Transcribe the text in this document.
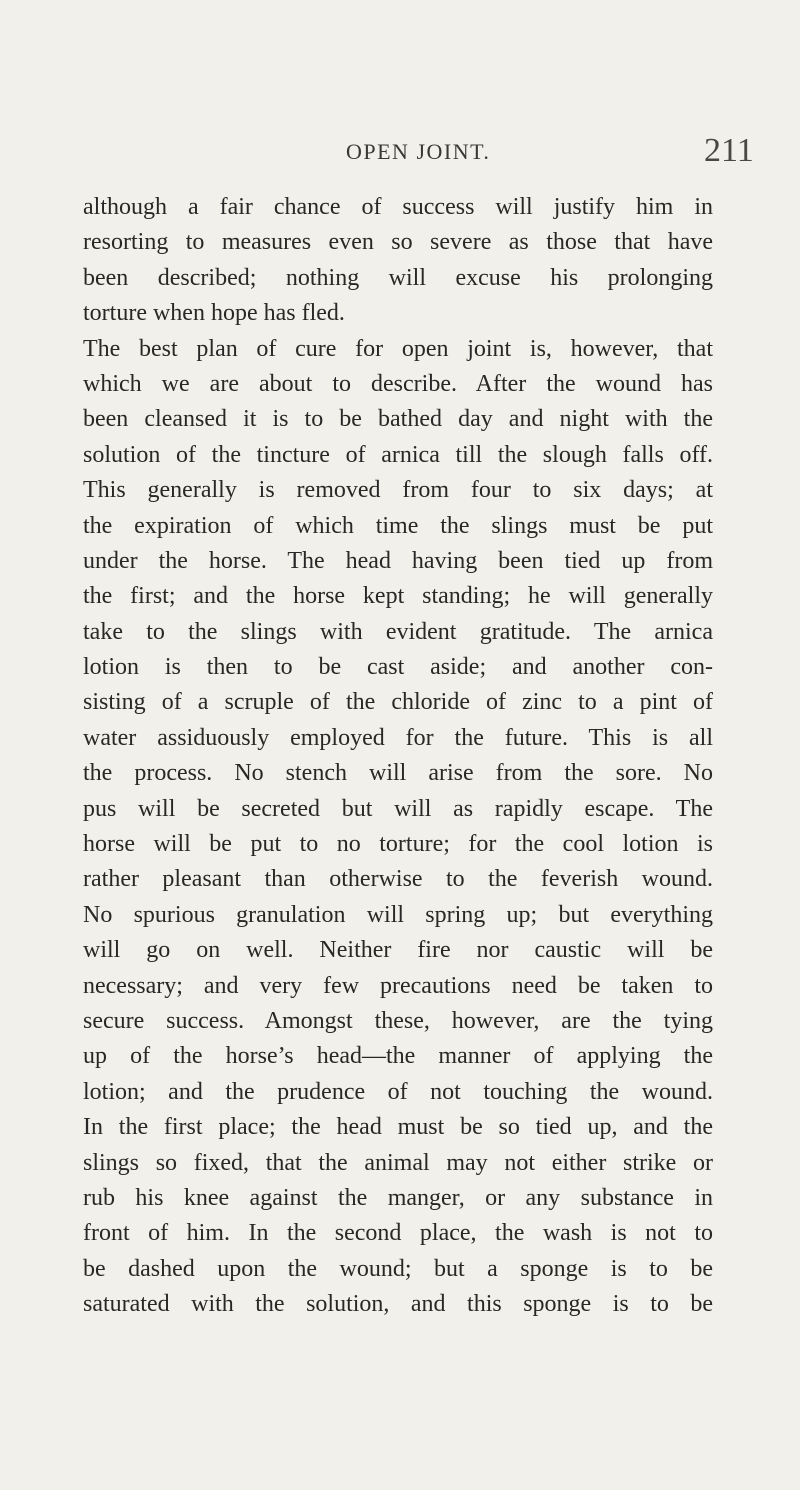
OPEN JOINT.	211
although a fair chance of success will justify him in
resorting to measures even so severe as those that have
been described; nothing will excuse his prolonging
torture when hope has fled.
The best plan of cure for open joint is, however, that
which we are about to describe. After the wound has
been cleansed it is to be bathed day and night with the
solution of the tincture of arnica till the slough falls off.
This generally is removed from four to six days; at
the expiration of which time the slings must be put
under the horse. The head having been tied up from
the first; and the horse kept standing; he will generally
take to the slings with evident gratitude. The arnica
lotion is then to be cast aside; and another con-
sisting of a scruple of the chloride of zinc to a pint of
water assiduously employed for the future. This is all
the process. No stench will arise from the sore. No
pus will be secreted but will as rapidly escape. The
horse will be put to no torture; for the cool lotion is
rather pleasant than otherwise to the feverish wound.
No spurious granulation will spring up; but everything
will go on well. Neither fire nor caustic will be
necessary; and very few precautions need be taken to
secure success. Amongst these, however, are the tying
up of the horse’s head—the manner of applying the
lotion; and the prudence of not touching the wound.
In the first place; the head must be so tied up, and the
slings so fixed, that the animal may not either strike or
rub his knee against the manger, or any substance in
front of him. In the second place, the wash is not to
be dashed upon the wound; but a sponge is to be
saturated with the solution, and this sponge is to be
